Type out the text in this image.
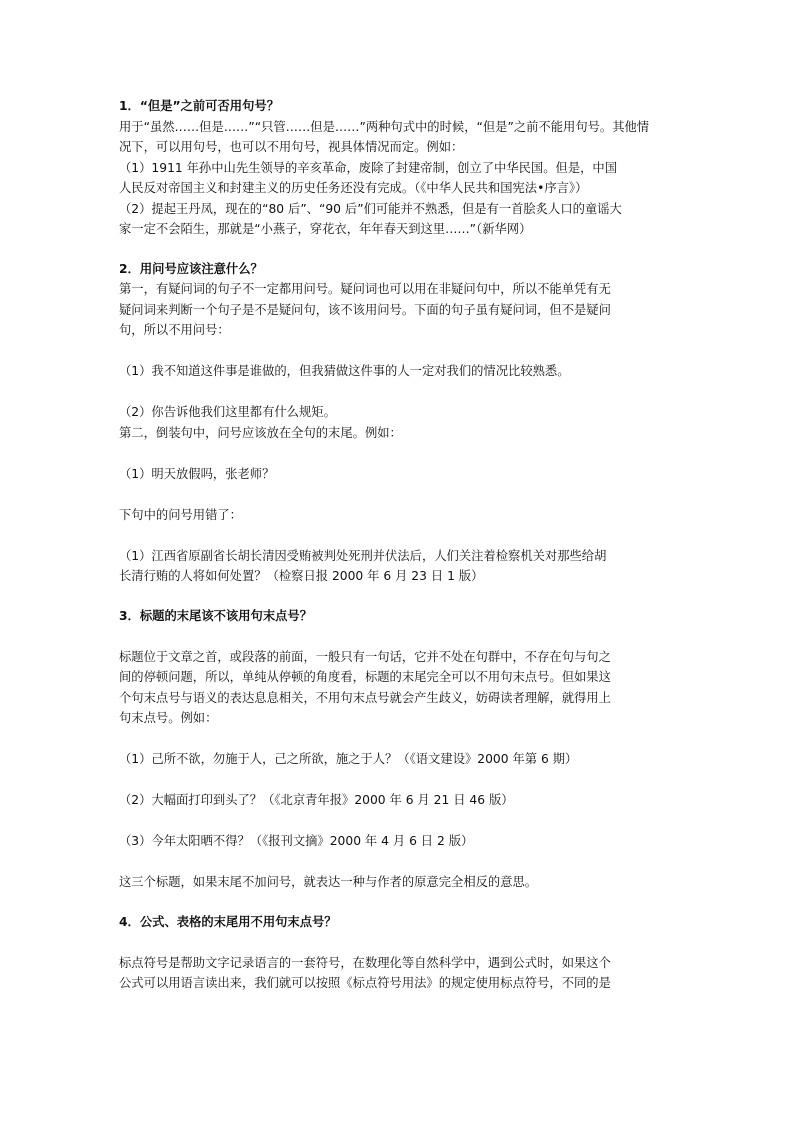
1．“但是”之前可否用句号？
用于“虽然……但是……”“只管……但是……”两种句式中的时候，“但是”之前不能用句号。其他情
况下，可以用句号，也可以不用句号，视具体情况而定。例如：
（1）1911 年孙中山先生领导的辛亥革命，废除了封建帝制，创立了中华民国。但是，中国
人民反对帝国主义和封建主义的历史任务还没有完成。（《中华人民共和国宪法•序言》）
（2）提起王丹凤，现在的“80 后”、“90 后”们可能并不熟悉，但是有一首脍炙人口的童谣大
家一定不会陌生，那就是“小燕子，穿花衣，年年春天到这里……”（新华网）
2．用问号应该注意什么？
第一，有疑问词的句子不一定都用问号。疑问词也可以用在非疑问句中，所以不能单凭有无
疑问词来判断一个句子是不是疑问句，该不该用问号。下面的句子虽有疑问词，但不是疑问
句，所以不用问号：
（1）我不知道这件事是谁做的，但我猜做这件事的人一定对我们的情况比较熟悉。
（2）你告诉他我们这里都有什么规矩。
第二，倒装句中，问号应该放在全句的末尾。例如：
（1）明天放假吗，张老师？
下句中的问号用错了：
（1）江西省原副省长胡长清因受贿被判处死刑并伏法后，人们关注着检察机关对那些给胡
长清行贿的人将如何处置？（检察日报 2000 年 6 月 23 日 1 版）
3．标题的末尾该不该用句末点号？
标题位于文章之首，或段落的前面，一般只有一句话，它并不处在句群中，不存在句与句之
间的停顿问题，所以，单纯从停顿的角度看，标题的末尾完全可以不用句末点号。但如果这
个句末点号与语义的表达息息相关，不用句末点号就会产生歧义，妨碍读者理解，就得用上
句末点号。例如：
（1）己所不欲，勿施于人，己之所欲，施之于人？（《语文建设》2000 年第 6 期）
（2）大幅面打印到头了？（《北京青年报》2000 年 6 月 21 日 46 版）
（3）今年太阳晒不得？（《报刊文摘》2000 年 4 月 6 日 2 版）
这三个标题，如果末尾不加问号，就表达一种与作者的原意完全相反的意思。
4．公式、表格的末尾用不用句末点号？
标点符号是帮助文字记录语言的一套符号，在数理化等自然科学中，遇到公式时，如果这个
公式可以用语言读出来，我们就可以按照《标点符号用法》的规定使用标点符号，不同的是
